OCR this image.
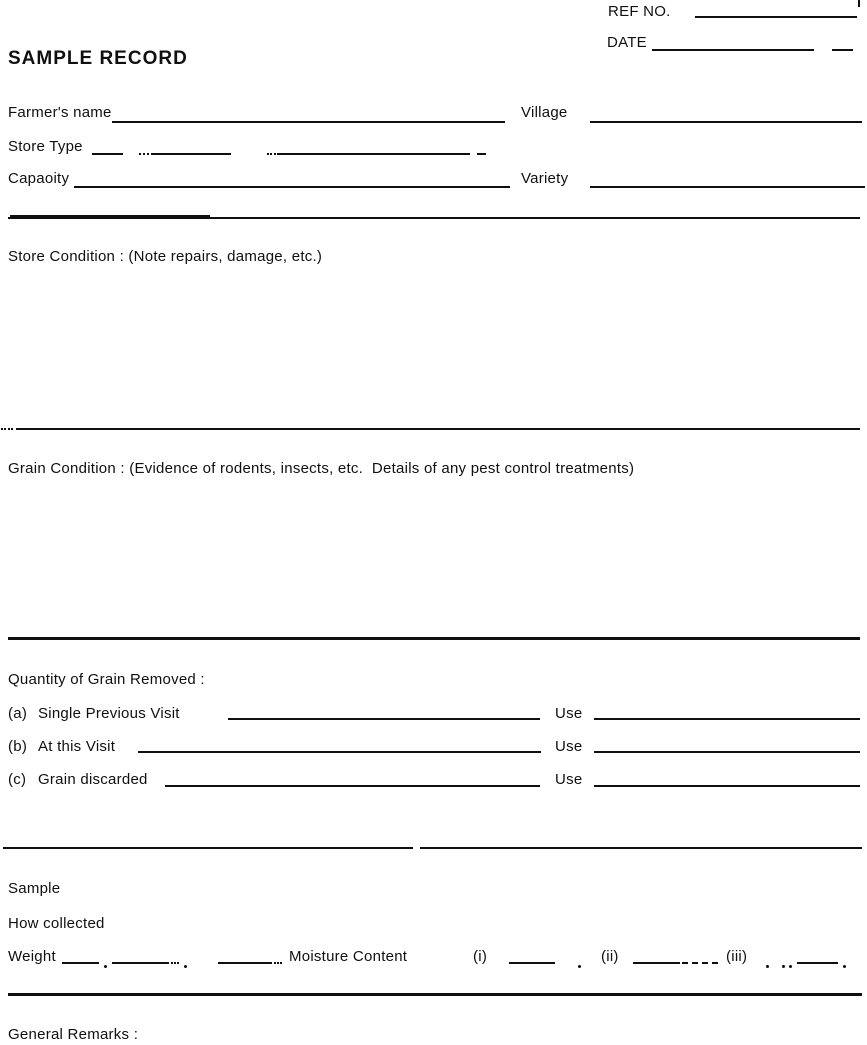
REF NO.
DATE
SAMPLE RECORD
Farmer's name	Village
Store Type
Capaoity	Variety
Store Condition : (Note repairs, damage, etc.)
Grain Condition : (Evidence of rodents, insects, etc.  Details of any pest control treatments)
Quantity of Grain Removed :
(a) Single Previous Visit	Use
(b) At this Visit	Use
(c) Grain discarded	Use
Sample
How collected
Weight	Moisture Content	(i)	(ii)	(iii)
General Remarks :
